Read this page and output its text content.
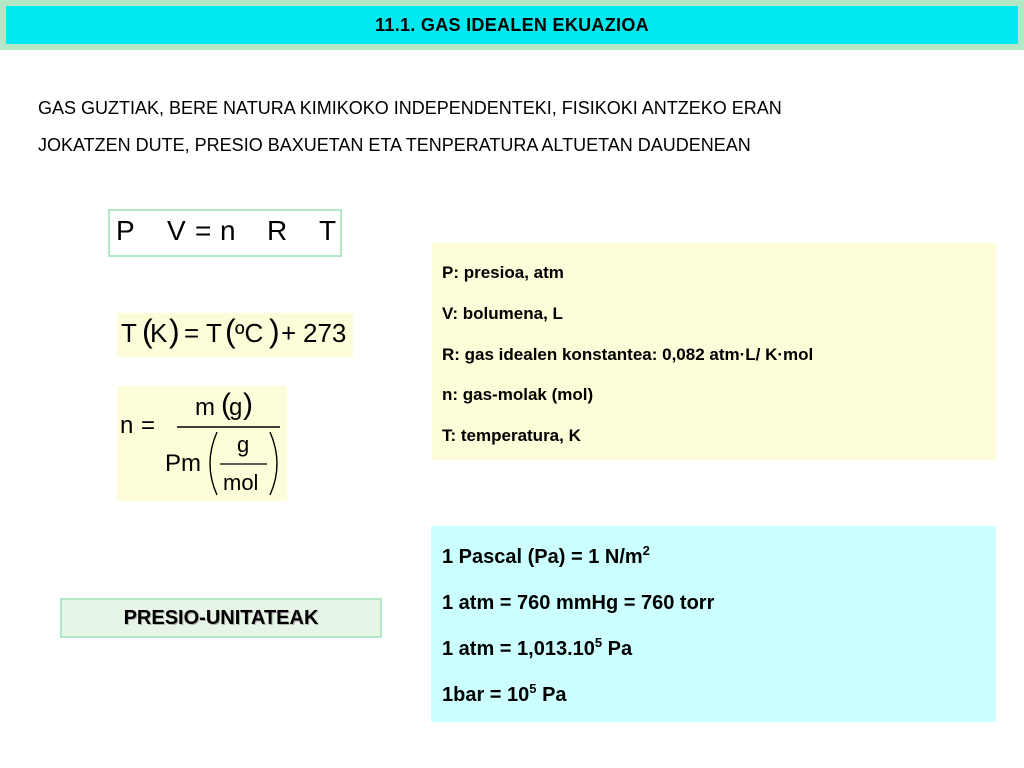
11.1. GAS IDEALEN EKUAZIOA
GAS GUZTIAK, BERE NATURA KIMIKOKO INDEPENDENTEKI, FISIKOKI ANTZEKO ERAN
JOKATZEN DUTE, PRESIO BAXUETAN ETA TENPERATURA ALTUETAN DAUDENEAN
P V = n R T
T (
K ) = T ( ºC ) + 273
n =
m (
g )
Pm
g
mol
P: presioa, atm
V: bolumena, L
R: gas idealen konstantea: 0,082 atm·L/ K·mol
n: gas-molak (mol)
T: temperatura, K
1 Pascal (Pa) = 1 $N/m^2$
1 atm = 760 mmHg = 760 torr
1 atm = $1,013.10^5$ Pa
$1bar = 10^5$ Pa
PRESIO-UNITATEAK
